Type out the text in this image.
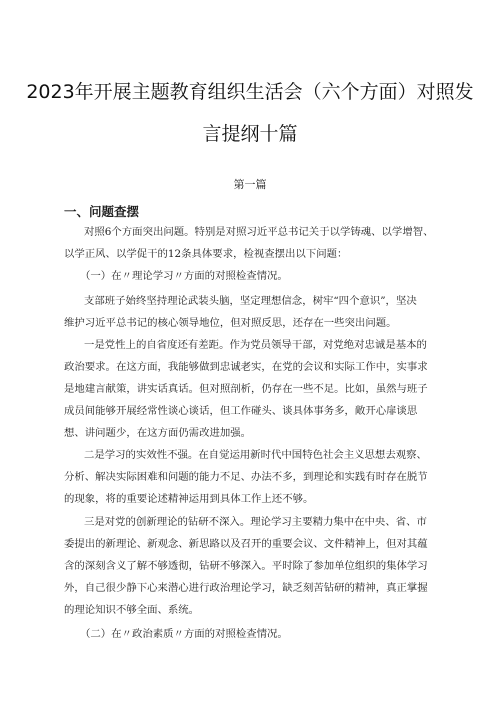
2023年开展主题教育组织生活会（六个方面）对照发
言提纲十篇
第一篇
一、问题查摆
对照6个方面突出问题。特别是对照习近平总书记关于以学铸魂、以学增智、
以学正风、以学促干的12条具体要求，检视查摆出以下问题：
（一）在〃理论学习〃方面的对照检查情况。
支部班子始终坚持理论武装头脑，坚定理想信念，树牢“四个意识”，坚决
维护习近平总书记的核心领导地位，但对照反思，还存在一些突出问题。
一是党性上的自省度还有差距。作为党员领导干部，对党绝对忠诚是基本的
政治要求。在这方面，我能够做到忠诚老实，在党的会议和实际工作中，实事求
是地建言献策，讲实话真话。但对照剖析，仍存在一些不足。比如，虽然与班子
成员间能够开展经常性谈心谈话，但工作碰头、谈具体事务多，敞开心扉谈思
想、讲问题少，在这方面仍需改进加强。
二是学习的实效性不强。在自觉运用新时代中国特色社会主义思想去观察、
分析、解决实际困难和问题的能力不足、办法不多，到理论和实践有时存在脱节
的现象，将的重要论述精神运用到具体工作上还不够。
三是对党的创新理论的钻研不深入。理论学习主要精力集中在中央、省、市
委提出的新理论、新观念、新思路以及召开的重要会议、文件精神上，但对其蕴
含的深刻含义了解不够透彻，钻研不够深入。平时除了参加单位组织的集体学习
外，自己很少静下心来潜心进行政治理论学习，缺乏刻苦钻研的精神，真正掌握
的理论知识不够全面、系统。
（二）在〃政治素质〃方面的对照检查情况。
